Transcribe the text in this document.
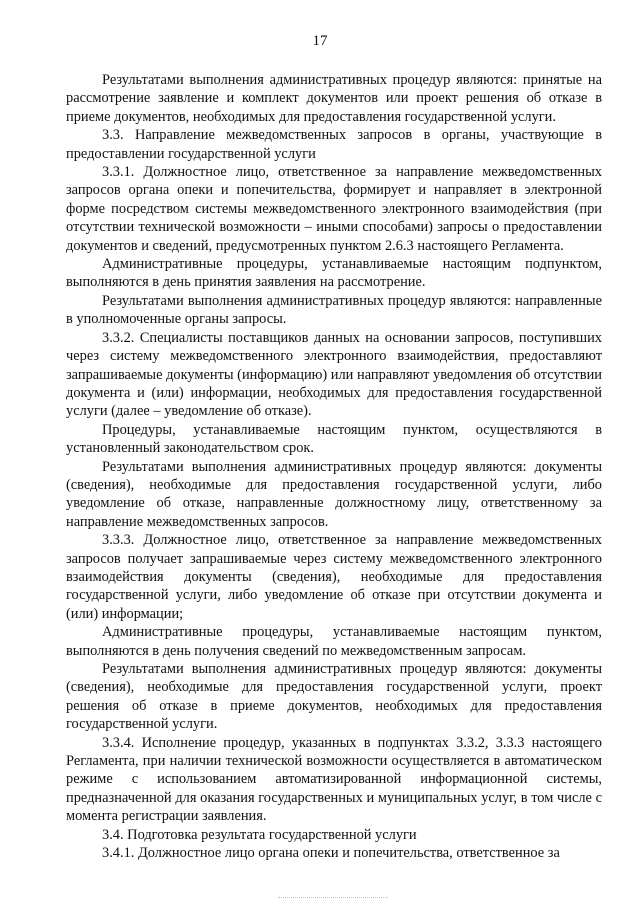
17

Результатами выполнения административных процедур являются: принятые на рассмотрение заявление и комплект документов или проект решения об отказе в приеме документов, необходимых для предоставления государственной услуги.

3.3. Направление межведомственных запросов в органы, участвующие в предоставлении государственной услуги

3.3.1. Должностное лицо, ответственное за направление межведомственных запросов органа опеки и попечительства, формирует и направляет в электронной форме посредством системы межведомственного электронного взаимодействия (при отсутствии технической возможности – иными способами) запросы о предоставлении документов и сведений, предусмотренных пунктом 2.6.3 настоящего Регламента.

Административные процедуры, устанавливаемые настоящим подпунктом, выполняются в день принятия заявления на рассмотрение.

Результатами выполнения административных процедур являются: направленные в уполномоченные органы запросы.

3.3.2. Специалисты поставщиков данных на основании запросов, поступивших через систему межведомственного электронного взаимодействия, предоставляют запрашиваемые документы (информацию) или направляют уведомления об отсутствии документа и (или) информации, необходимых для предоставления государственной услуги (далее – уведомление об отказе).

Процедуры, устанавливаемые настоящим пунктом, осуществляются в установленный законодательством срок.

Результатами выполнения административных процедур являются: документы (сведения), необходимые для предоставления государственной услуги, либо уведомление об отказе, направленные должностному лицу, ответственному за направление межведомственных запросов.

3.3.3. Должностное лицо, ответственное за направление межведомственных запросов получает запрашиваемые через систему межведомственного электронного взаимодействия документы (сведения), необходимые для предоставления государственной услуги, либо уведомление об отказе при отсутствии документа и (или) информации;

Административные процедуры, устанавливаемые настоящим пунктом, выполняются в день получения сведений по межведомственным запросам.

Результатами выполнения административных процедур являются: документы (сведения), необходимые для предоставления государственной услуги, проект решения об отказе в приеме документов, необходимых для предоставления государственной услуги.

3.3.4. Исполнение процедур, указанных в подпунктах 3.3.2, 3.3.3 настоящего Регламента, при наличии технической возможности осуществляется в автоматическом режиме с использованием автоматизированной информационной системы, предназначенной для оказания государственных и муниципальных услуг, в том числе с момента регистрации заявления.

3.4. Подготовка результата государственной услуги

3.4.1. Должностное лицо органа опеки и попечительства, ответственное за
